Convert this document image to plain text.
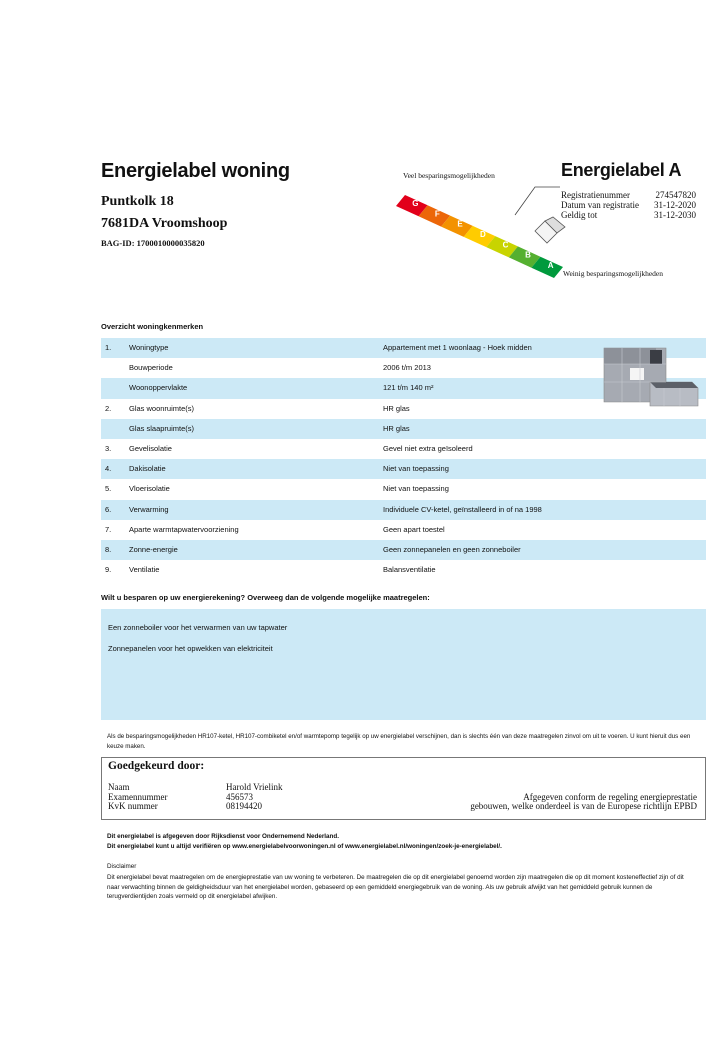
Energielabel woning
Puntkolk 18
7681DA Vroomshoop
BAG-ID: 1700010000035820
Veel besparingsmogelijkheden
G
F
E
D
C
B
A
Weinig besparingsmogelijkheden
Energielabel A
Registratienummer	274547820
Datum van registratie 31-12-2020
Geldig tot	31-12-2030
Overzicht woningkenmerken
1. Woningtype	Appartement met 1 woonlaag - Hoek midden
Bouwperiode	2006 t/m 2013
Woonoppervlakte	121 t/m 140 m²
2. Glas woonruimte(s)	HR glas
Glas slaapruimte(s)	HR glas
3. Gevelisolatie	Gevel niet extra geïsoleerd
4. Dakisolatie	Niet van toepassing
5. Vloerisolatie	Niet van toepassing
6. Verwarming	Individuele CV-ketel, geïnstalleerd in of na 1998
7. Aparte warmtapwatervoorziening	Geen apart toestel
8. Zonne-energie	Geen zonnepanelen en geen zonneboiler
9. Ventilatie	Balansventilatie
Wilt u besparen op uw energierekening? Overweeg dan de volgende mogelijke maatregelen:
Een zonneboiler voor het verwarmen van uw tapwater
Zonnepanelen voor het opwekken van elektriciteit
Als de besparingsmogelijkheden HR107-ketel, HR107-combiketel en/of warmtepomp tegelijk op uw energielabel verschijnen, dan is slechts één van deze maatregelen zinvol om uit te voeren. U kunt hieruit dus een keuze maken.
Goedgekeurd door:
Naam	Harold Vrielink
Examennummer	456573
KvK nummer	08194420
Afgegeven conform de regeling energieprestatie
gebouwen, welke onderdeel is van de Europese richtlijn EPBD
Dit energielabel is afgegeven door Rijksdienst voor Ondernemend Nederland.
Dit energielabel kunt u altijd verifiëren op www.energielabelvoorwoningen.nl of www.energielabel.nl/woningen/zoek-je-energielabel/.
Disclaimer
Dit energielabel bevat maatregelen om de energieprestatie van uw woning te verbeteren. De maatregelen die op dit energielabel genoemd worden zijn maatregelen die op dit moment kosteneffectief zijn of dit naar verwachting binnen de geldigheidsduur van het energielabel worden, gebaseerd op een gemiddeld energiegebruik van de woning. Als uw gebruik afwijkt van het gemiddeld gebruik kunnen de terugverdientijden zoals vermeld op dit energielabel afwijken.
